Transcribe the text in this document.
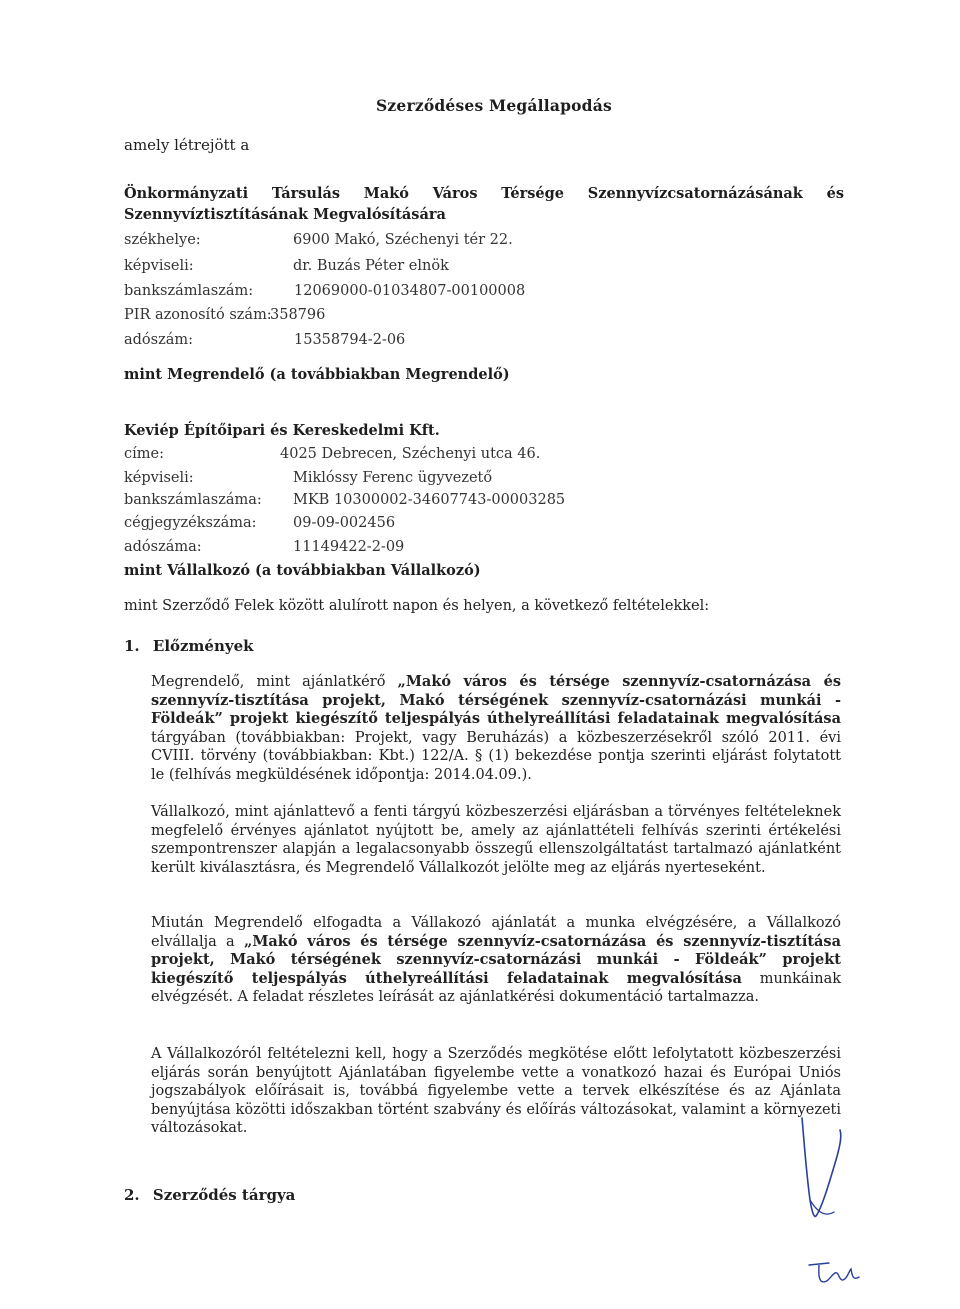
Szerződéses Megállapodás
amely létrejött a
Önkormányzati Társulás Makó Város Térsége Szennyvízcsatornázásának és Szennyvíztisztításának Megvalósítására
székhelye:	6900 Makó, Széchenyi tér 22.
képviseli:	dr. Buzás Péter elnök
bankszámlaszám:	12069000-01034807-00100008
PIR azonosító szám:
358796
adószám:	15358794-2-06
mint Megrendelő (a továbbiakban Megrendelő)
Keviép Építőipari és Kereskedelmi Kft.
címe:	4025 Debrecen, Széchenyi utca 46.
képviseli:	Miklóssy Ferenc ügyvezető
bankszámlaszáma: MKB 10300002-34607743-00003285
cégjegyzékszáma:	09-09-002456
adószáma:	11149422-2-09
mint Vállalkozó (a továbbiakban Vállalkozó)
mint Szerződő Felek között alulírott napon és helyen, a következő feltételekkel:
1. Előzmények
Megrendelő, mint ajánlatkérő „Makó város és térsége szennyvíz-csatornázása és szennyvíz-tisztítása projekt, Makó térségének szennyvíz-csatornázási munkái - Földeák” projekt kiegészítő teljespályás úthelyreállítási feladatainak megvalósítása tárgyában (továbbiakban: Projekt, vagy Beruházás) a közbeszerzésekről szóló 2011. évi CVIII. törvény (továbbiakban: Kbt.) 122/A. § (1) bekezdése pontja szerinti eljárást folytatott le (felhívás megküldésének időpontja: 2014.04.09.).
Vállalkozó, mint ajánlattevő a fenti tárgyú közbeszerzési eljárásban a törvényes feltételeknek megfelelő érvényes ajánlatot nyújtott be, amely az ajánlattételi felhívás szerinti értékelési szempontrenszer alapján a legalacsonyabb összegű ellenszolgáltatást tartalmazó ajánlatként került kiválasztásra, és Megrendelő Vállalkozót jelölte meg az eljárás nyerteseként.
Miután Megrendelő elfogadta a Vállakozó ajánlatát a munka elvégzésére, a Vállalkozó elvállalja a „Makó város és térsége szennyvíz-csatornázása és szennyvíz-tisztítása projekt, Makó térségének szennyvíz-csatornázási munkái - Földeák” projekt kiegészítő teljespályás úthelyreállítási feladatainak megvalósítása munkáinak elvégzését. A feladat részletes leírását az ajánlatkérési dokumentáció tartalmazza.
A Vállalkozóról feltételezni kell, hogy a Szerződés megkötése előtt lefolytatott közbeszerzési eljárás során benyújtott Ajánlatában figyelembe vette a vonatkozó hazai és Európai Uniós jogszabályok előírásait is, továbbá figyelembe vette a tervek elkészítése és az Ajánlata benyújtása közötti időszakban történt szabvány és előírás változásokat, valamint a környezeti változásokat.
2. Szerződés tárgya
